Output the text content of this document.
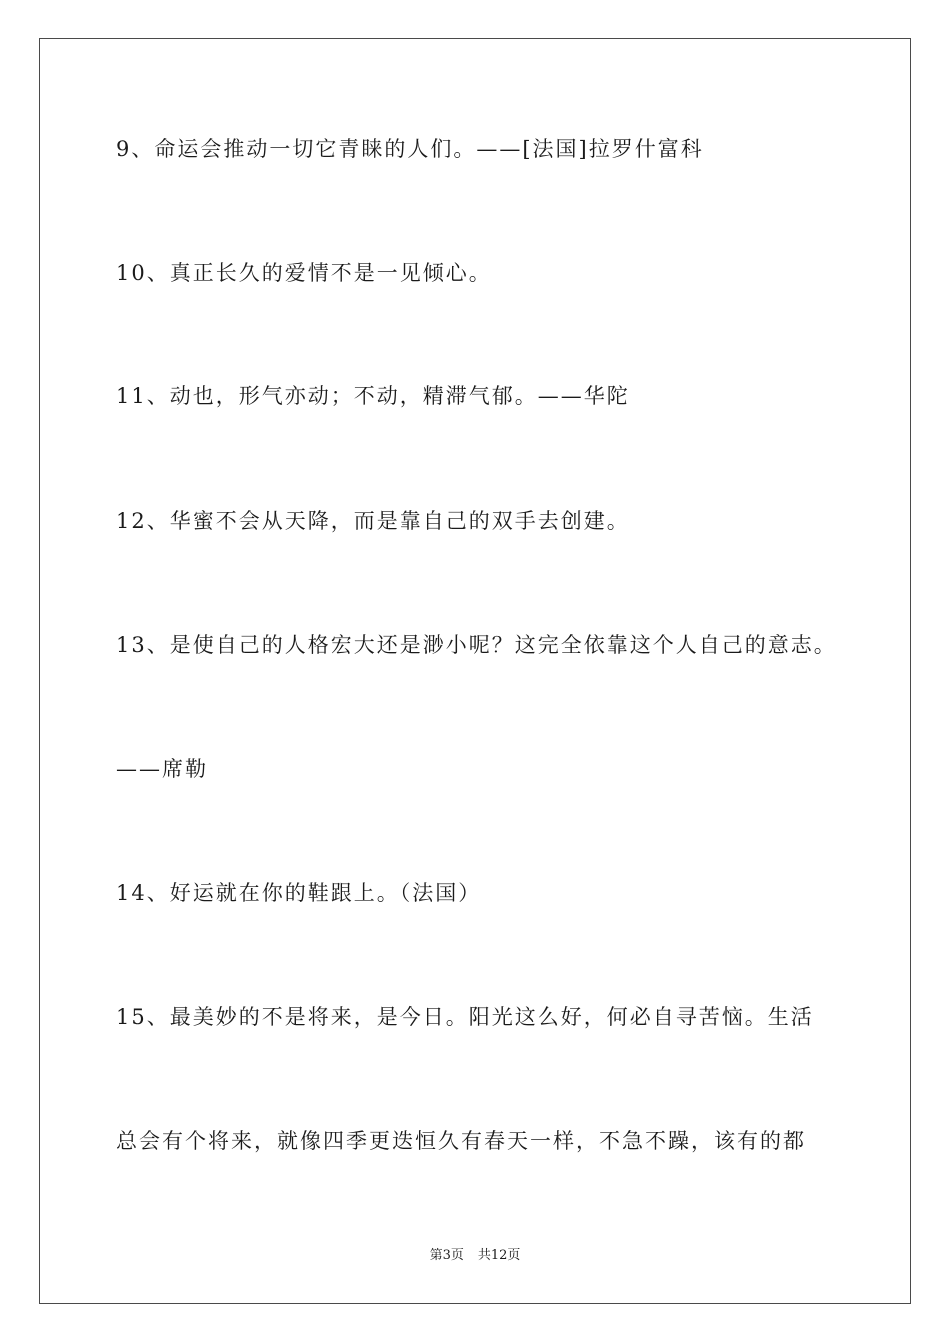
9、命运会推动一切它青睐的人们。——[法国]拉罗什富科

10、真正长久的爱情不是一见倾心。

11、动也，形气亦动；不动，精滞气郁。——华陀

12、华蜜不会从天降，而是靠自己的双手去创建。

13、是使自己的人格宏大还是渺小呢？这完全依靠这个人自己的意志。

——席勒

14、好运就在你的鞋跟上。（法国）

15、最美妙的不是将来，是今日。阳光这么好，何必自寻苦恼。生活

总会有个将来，就像四季更迭恒久有春天一样，不急不躁，该有的都

第3页 共12页
